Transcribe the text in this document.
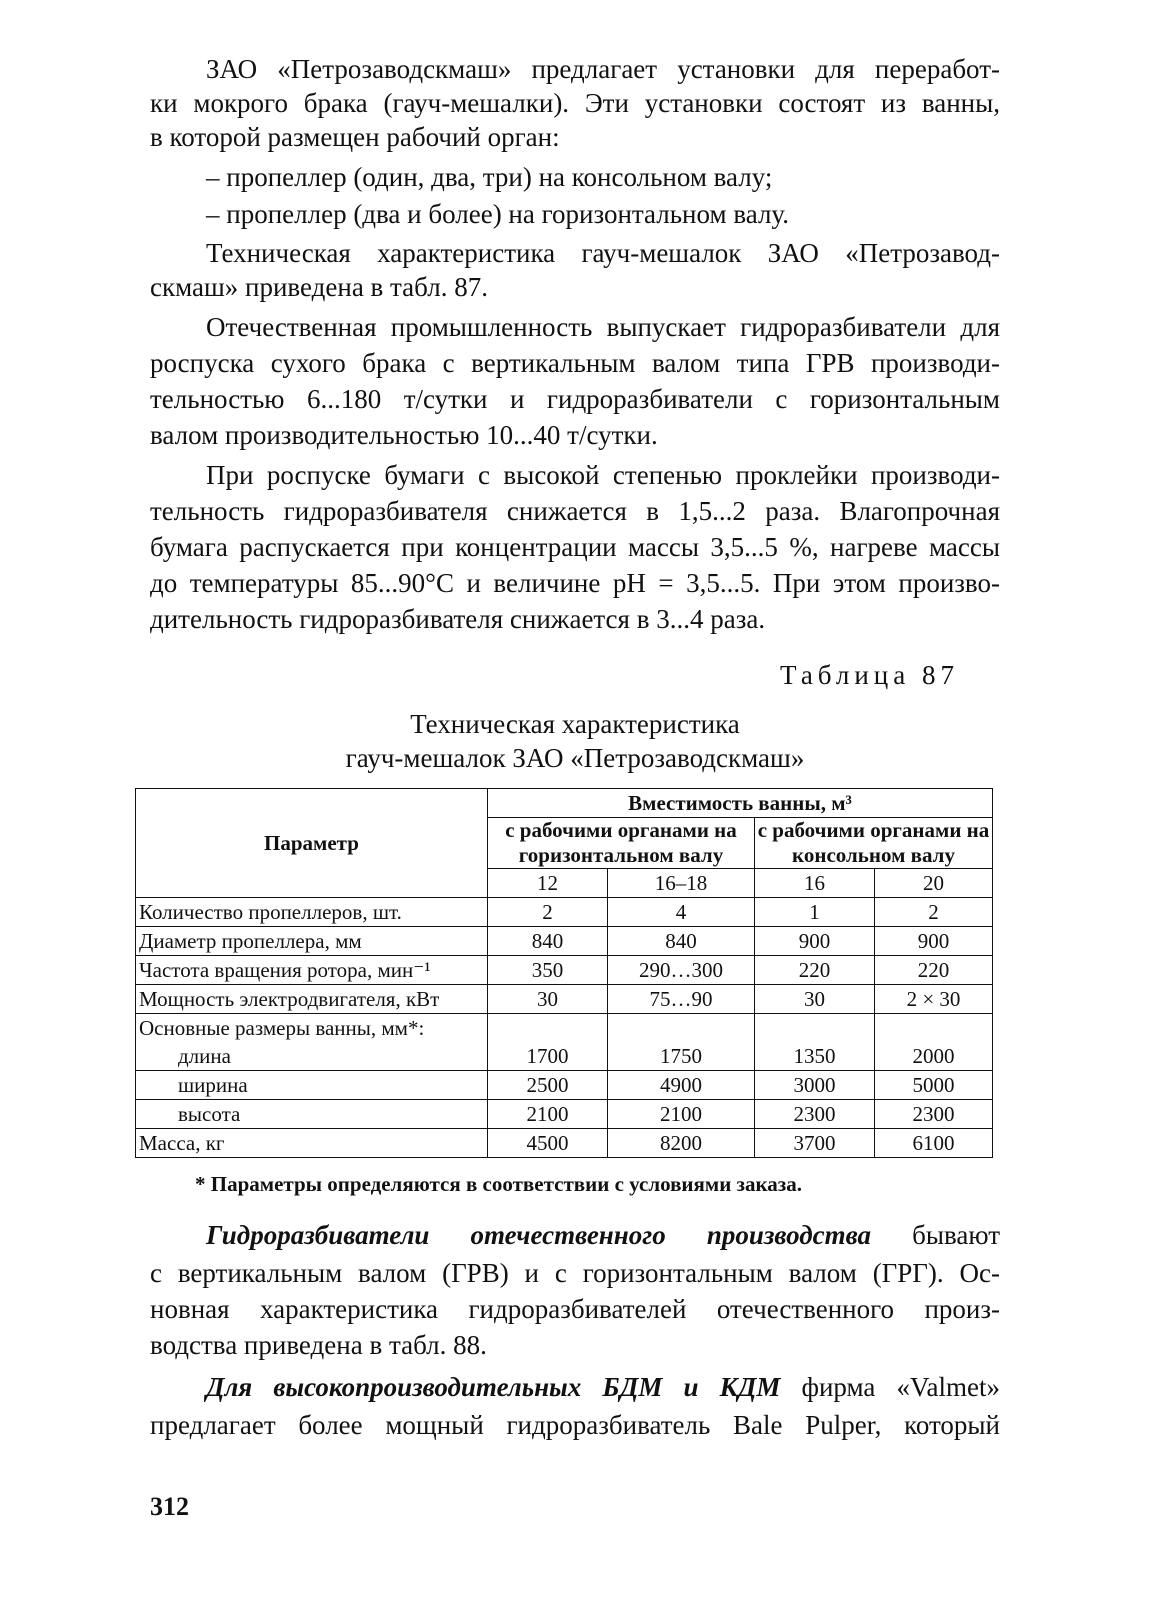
ЗАО «Петрозаводскмаш» предлагает установки для переработ-
ки мокрого брака (гауч-мешалки). Эти установки состоят из ванны,
в которой размещен рабочий орган:
– пропеллер (один, два, три) на консольном валу;
– пропеллер (два и более) на горизонтальном валу.
Техническая характеристика гауч-мешалок ЗАО «Петрозавод-
скмаш» приведена в табл. 87.
Отечественная промышленность выпускает гидроразбиватели для
роспуска сухого брака с вертикальным валом типа ГРВ производи-
тельностью 6...180 т/сутки и гидроразбиватели с горизонтальным
валом производительностью 10...40 т/сутки.
При роспуске бумаги с высокой степенью проклейки производи-
тельность гидроразбивателя снижается в 1,5...2 раза. Влагопрочная
бумага распускается при концентрации массы 3,5...5 %, нагреве массы
до температуры 85...90°С и величине pH = 3,5...5. При этом произво-
дительность гидроразбивателя снижается в 3...4 раза.
Таблица 87
Техническая характеристика
гауч-мешалок ЗАО «Петрозаводскмаш»
Параметр	Вместимость ванны, м³			
	с рабочими органами на горизонтальном валу		с рабочими органами на консольном валу	
	12	16–18	16	20
Количество пропеллеров, шт.	2	4	1	2
Диаметр пропеллера, мм	840	840	900	900
Частота вращения ротора, мин⁻¹	350	290…300	220	220
Мощность электродвигателя, кВт	30	75…90	30	2 × 30
Основные размеры ванны, мм*:				
длина	1700	1750	1350	2000
ширина	2500	4900	3000	5000
высота	2100	2100	2300	2300
Масса, кг	4500	8200	3700	6100
* Параметры определяются в соответствии с условиями заказа.
Гидроразбиватели отечественного производства бывают
с вертикальным валом (ГРВ) и с горизонтальным валом (ГРГ). Ос-
новная характеристика гидроразбивателей отечественного произ-
водства приведена в табл. 88.
Для высокопроизводительных БДМ и КДМ фирма «Valmet»
предлагает более мощный гидроразбиватель Bale Pulper, который
312
